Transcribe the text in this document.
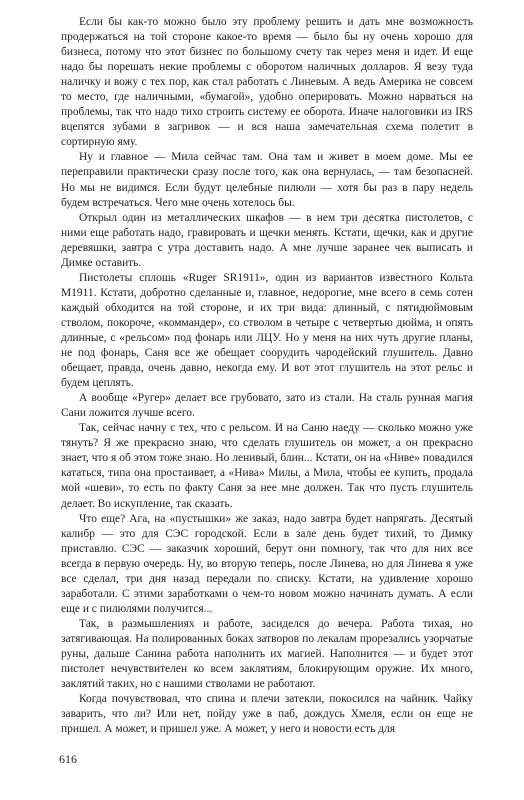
Если бы как-то можно было эту проблему решить и дать мне возможность продержаться на той стороне какое-то время — было бы ну очень хорошо для бизнеса, потому что этот бизнес по большому счету так через меня и идет. И еще надо бы порешать некие проблемы с оборотом наличных долларов. Я везу туда наличку и вожу с тех пор, как стал работать с Линевым. А ведь Америка не совсем то место, где наличными, «бумагой», удобно оперировать. Можно нарваться на проблемы, так что надо тихо строить систему ее оборота. Иначе налоговики из IRS вцепятся зубами в загривок — и вся наша замечательная схема полетит в сортирную яму.

Ну и главное — Мила сейчас там. Она там и живет в моем доме. Мы ее переправили практически сразу после того, как она вернулась, — там безопасней. Но мы не видимся. Если будут целебные пилюли — хотя бы раз в пару недель будем встречаться. Чего мне очень хотелось бы.

Открыл один из металлических шкафов — в нем три десятка пистолетов, с ними еще работать надо, гравировать и щечки менять. Кстати, щечки, как и другие деревяшки, завтра с утра доставить надо. А мне лучше заранее чек выписать и Димке оставить.

Пистолеты сплошь «Ruger SR1911», один из вариантов известного Кольта M1911. Кстати, добротно сделанные и, главное, недорогие, мне всего в семь сотен каждый обходится на той стороне, и их три вида: длинный, с пятидюймовым стволом, покороче, «коммандер», со стволом в четыре с четвертью дюйма, и опять длинные, с «рельсом» под фонарь или ЛЦУ. Но у меня на них чуть другие планы, не под фонарь, Саня все же обещает соорудить чародейский глушитель. Давно обещает, правда, очень давно, некогда ему. И вот этот глушитель на этот рельс и будем цеплять.

А вообще «Ругер» делает все грубовато, зато из стали. На сталь рунная магия Сани ложится лучше всего.

Так, сейчас начну с тех, что с рельсом. И на Саню наеду — сколько можно уже тянуть? Я же прекрасно знаю, что сделать глушитель он может, а он прекрасно знает, что я об этом тоже знаю. Но ленивый, блин... Кстати, он на «Ниве» повадился кататься, типа она простаивает, а «Нива» Милы, а Мила, чтобы ее купить, продала мой «шеви», то есть по факту Саня за нее мне должен. Так что пусть глушитель делает. Во искупление, так сказать.

Что еще? Ага, на «пустышки» же заказ, надо завтра будет напрягать. Десятый калибр — это для СЭС городской. Если в зале день будет тихий, то Димку приставлю. СЭС — заказчик хороший, берут они помногу, так что для них все всегда в первую очередь. Ну, во вторую теперь, после Линева, но для Линева я уже все сделал, три дня назад передали по списку. Кстати, на удивление хорошо заработали. С этими заработками о чем-то новом можно начинать думать. А если еще и с пилюлями получится...

Так, в размышлениях и работе, засиделся до вечера. Работа тихая, но затягивающая. На полированных боках затворов по лекалам прорезались узорчатые руны, дальше Санина работа наполнить их магией. Наполнится — и будет этот пистолет нечувствителен ко всем заклятиям, блокирующим оружие. Их много, заклятий таких, но с нашими стволами не работают.

Когда почувствовал, что спина и плечи затекли, покосился на чайник. Чайку заварить, что ли? Или нет, пойду уже в паб, дождусь Хмеля, если он еще не пришел. А может, и пришел уже. А может, у него и новости есть для

616
